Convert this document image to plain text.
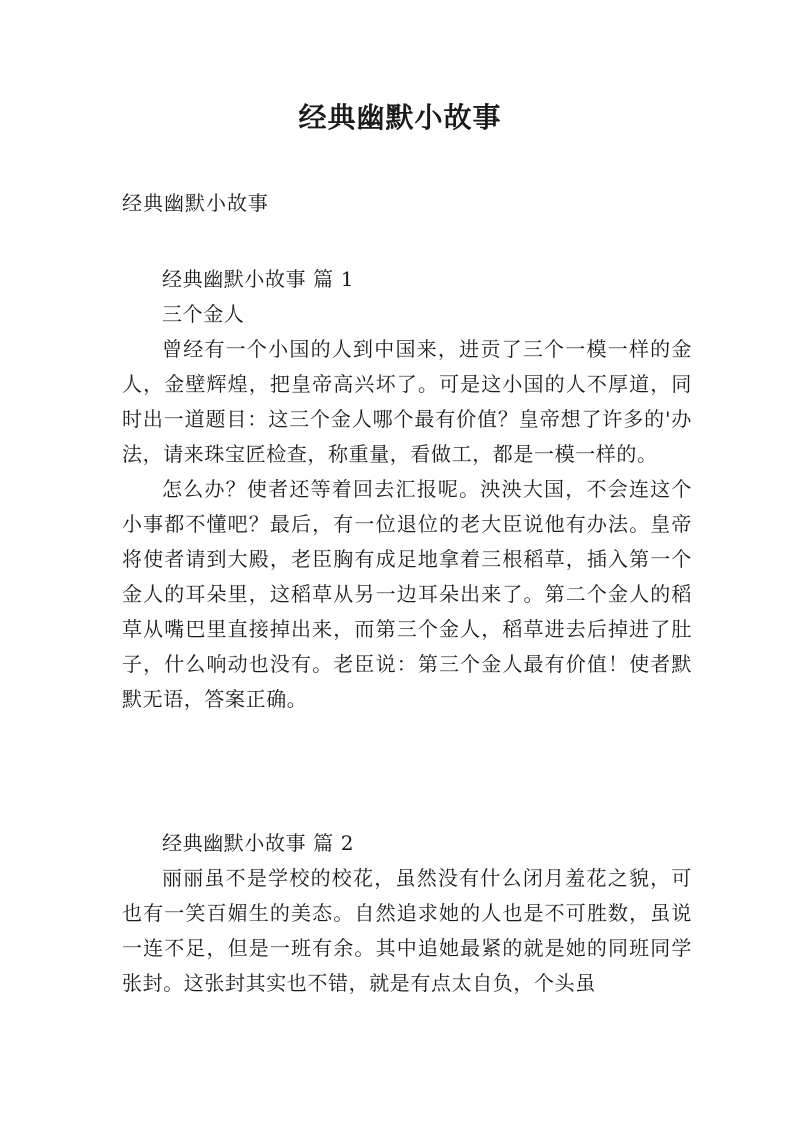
经典幽默小故事
经典幽默小故事

经典幽默小故事 篇 1

三个金人

曾经有一个小国的人到中国来，进贡了三个一模一样的金人，金壁辉煌，把皇帝高兴坏了。可是这小国的人不厚道，同时出一道题目：这三个金人哪个最有价值？皇帝想了许多的'办法，请来珠宝匠检查，称重量，看做工，都是一模一样的。

怎么办？使者还等着回去汇报呢。泱泱大国，不会连这个小事都不懂吧？最后，有一位退位的老大臣说他有办法。皇帝将使者请到大殿，老臣胸有成足地拿着三根稻草，插入第一个金人的耳朵里，这稻草从另一边耳朵出来了。第二个金人的稻草从嘴巴里直接掉出来，而第三个金人，稻草进去后掉进了肚子，什么响动也没有。老臣说：第三个金人最有价值！使者默默无语，答案正确。

经典幽默小故事 篇 2

丽丽虽不是学校的校花，虽然没有什么闭月羞花之貌，可也有一笑百媚生的美态。自然追求她的人也是不可胜数，虽说一连不足，但是一班有余。其中追她最紧的就是她的同班同学张封。这张封其实也不错，就是有点太自负，个头虽
